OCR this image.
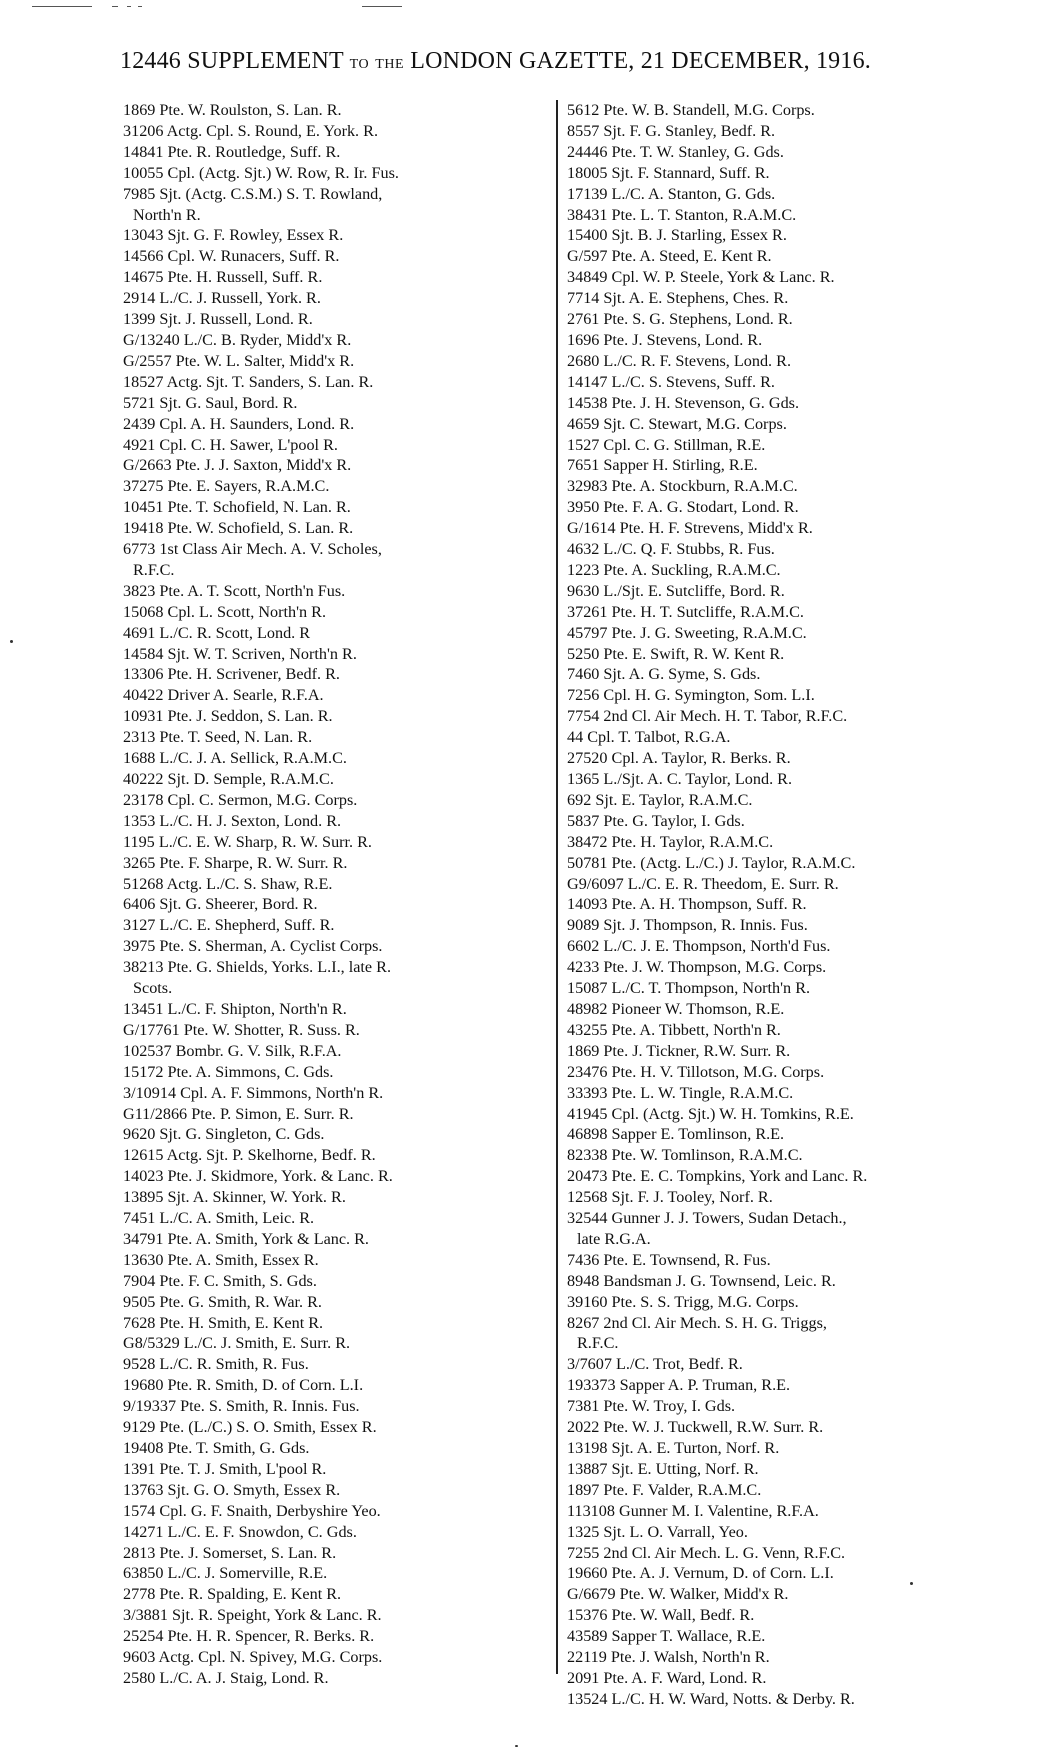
12446 SUPPLEMENT TO THE LONDON GAZETTE, 21 DECEMBER, 1916.
1869 Pte. W. Roulston, S. Lan. R.
31206 Actg. Cpl. S. Round, E. York. R.
14841 Pte. R. Routledge, Suff. R.
10055 Cpl. (Actg. Sjt.) W. Row, R. Ir. Fus.
7985 Sjt. (Actg. C.S.M.) S. T. Rowland,
North'n R.
13043 Sjt. G. F. Rowley, Essex R.
14566 Cpl. W. Runacers, Suff. R.
14675 Pte. H. Russell, Suff. R.
2914 L./C. J. Russell, York. R.
1399 Sjt. J. Russell, Lond. R.
G/13240 L./C. B. Ryder, Midd'x R.
G/2557 Pte. W. L. Salter, Midd'x R.
18527 Actg. Sjt. T. Sanders, S. Lan. R.
5721 Sjt. G. Saul, Bord. R.
2439 Cpl. A. H. Saunders, Lond. R.
4921 Cpl. C. H. Sawer, L'pool R.
G/2663 Pte. J. J. Saxton, Midd'x R.
37275 Pte. E. Sayers, R.A.M.C.
10451 Pte. T. Schofield, N. Lan. R.
19418 Pte. W. Schofield, S. Lan. R.
6773 1st Class Air Mech. A. V. Scholes,
R.F.C.
3823 Pte. A. T. Scott, North'n Fus.
15068 Cpl. L. Scott, North'n R.
4691 L./C. R. Scott, Lond. R
14584 Sjt. W. T. Scriven, North'n R.
13306 Pte. H. Scrivener, Bedf. R.
40422 Driver A. Searle, R.F.A.
10931 Pte. J. Seddon, S. Lan. R.
2313 Pte. T. Seed, N. Lan. R.
1688 L./C. J. A. Sellick, R.A.M.C.
40222 Sjt. D. Semple, R.A.M.C.
23178 Cpl. C. Sermon, M.G. Corps.
1353 L./C. H. J. Sexton, Lond. R.
1195 L./C. E. W. Sharp, R. W. Surr. R.
3265 Pte. F. Sharpe, R. W. Surr. R.
51268 Actg. L./C. S. Shaw, R.E.
6406 Sjt. G. Sheerer, Bord. R.
3127 L./C. E. Shepherd, Suff. R.
3975 Pte. S. Sherman, A. Cyclist Corps.
38213 Pte. G. Shields, Yorks. L.I., late R.
Scots.
13451 L./C. F. Shipton, North'n R.
G/17761 Pte. W. Shotter, R. Suss. R.
102537 Bombr. G. V. Silk, R.F.A.
15172 Pte. A. Simmons, C. Gds.
3/10914 Cpl. A. F. Simmons, North'n R.
G11/2866 Pte. P. Simon, E. Surr. R.
9620 Sjt. G. Singleton, C. Gds.
12615 Actg. Sjt. P. Skelhorne, Bedf. R.
14023 Pte. J. Skidmore, York. & Lanc. R.
13895 Sjt. A. Skinner, W. York. R.
7451 L./C. A. Smith, Leic. R.
34791 Pte. A. Smith, York & Lanc. R.
13630 Pte. A. Smith, Essex R.
7904 Pte. F. C. Smith, S. Gds.
9505 Pte. G. Smith, R. War. R.
7628 Pte. H. Smith, E. Kent R.
G8/5329 L./C. J. Smith, E. Surr. R.
9528 L./C. R. Smith, R. Fus.
19680 Pte. R. Smith, D. of Corn. L.I.
9/19337 Pte. S. Smith, R. Innis. Fus.
9129 Pte. (L./C.) S. O. Smith, Essex R.
19408 Pte. T. Smith, G. Gds.
1391 Pte. T. J. Smith, L'pool R.
13763 Sjt. G. O. Smyth, Essex R.
1574 Cpl. G. F. Snaith, Derbyshire Yeo.
14271 L./C. E. F. Snowdon, C. Gds.
2813 Pte. J. Somerset, S. Lan. R.
63850 L./C. J. Somerville, R.E.
2778 Pte. R. Spalding, E. Kent R.
3/3881 Sjt. R. Speight, York & Lanc. R.
25254 Pte. H. R. Spencer, R. Berks. R.
9603 Actg. Cpl. N. Spivey, M.G. Corps.
2580 L./C. A. J. Staig, Lond. R.
5612 Pte. W. B. Standell, M.G. Corps.
8557 Sjt. F. G. Stanley, Bedf. R.
24446 Pte. T. W. Stanley, G. Gds.
18005 Sjt. F. Stannard, Suff. R.
17139 L./C. A. Stanton, G. Gds.
38431 Pte. L. T. Stanton, R.A.M.C.
15400 Sjt. B. J. Starling, Essex R.
G/597 Pte. A. Steed, E. Kent R.
34849 Cpl. W. P. Steele, York & Lanc. R.
7714 Sjt. A. E. Stephens, Ches. R.
2761 Pte. S. G. Stephens, Lond. R.
1696 Pte. J. Stevens, Lond. R.
2680 L./C. R. F. Stevens, Lond. R.
14147 L./C. S. Stevens, Suff. R.
14538 Pte. J. H. Stevenson, G. Gds.
4659 Sjt. C. Stewart, M.G. Corps.
1527 Cpl. C. G. Stillman, R.E.
7651 Sapper H. Stirling, R.E.
32983 Pte. A. Stockburn, R.A.M.C.
3950 Pte. F. A. G. Stodart, Lond. R.
G/1614 Pte. H. F. Strevens, Midd'x R.
4632 L./C. Q. F. Stubbs, R. Fus.
1223 Pte. A. Suckling, R.A.M.C.
9630 L./Sjt. E. Sutcliffe, Bord. R.
37261 Pte. H. T. Sutcliffe, R.A.M.C.
45797 Pte. J. G. Sweeting, R.A.M.C.
5250 Pte. E. Swift, R. W. Kent R.
7460 Sjt. A. G. Syme, S. Gds.
7256 Cpl. H. G. Symington, Som. L.I.
7754 2nd Cl. Air Mech. H. T. Tabor, R.F.C.
44 Cpl. T. Talbot, R.G.A.
27520 Cpl. A. Taylor, R. Berks. R.
1365 L./Sjt. A. C. Taylor, Lond. R.
692 Sjt. E. Taylor, R.A.M.C.
5837 Pte. G. Taylor, I. Gds.
38472 Pte. H. Taylor, R.A.M.C.
50781 Pte. (Actg. L./C.) J. Taylor, R.A.M.C.
G9/6097 L./C. E. R. Theedom, E. Surr. R.
14093 Pte. A. H. Thompson, Suff. R.
9089 Sjt. J. Thompson, R. Innis. Fus.
6602 L./C. J. E. Thompson, North'd Fus.
4233 Pte. J. W. Thompson, M.G. Corps.
15087 L./C. T. Thompson, North'n R.
48982 Pioneer W. Thomson, R.E.
43255 Pte. A. Tibbett, North'n R.
1869 Pte. J. Tickner, R.W. Surr. R.
23476 Pte. H. V. Tillotson, M.G. Corps.
33393 Pte. L. W. Tingle, R.A.M.C.
41945 Cpl. (Actg. Sjt.) W. H. Tomkins, R.E.
46898 Sapper E. Tomlinson, R.E.
82338 Pte. W. Tomlinson, R.A.M.C.
20473 Pte. E. C. Tompkins, York and Lanc. R.
12568 Sjt. F. J. Tooley, Norf. R.
32544 Gunner J. J. Towers, Sudan Detach.,
late R.G.A.
7436 Pte. E. Townsend, R. Fus.
8948 Bandsman J. G. Townsend, Leic. R.
39160 Pte. S. S. Trigg, M.G. Corps.
8267 2nd Cl. Air Mech. S. H. G. Triggs,
R.F.C.
3/7607 L./C. Trot, Bedf. R.
193373 Sapper A. P. Truman, R.E.
7381 Pte. W. Troy, I. Gds.
2022 Pte. W. J. Tuckwell, R.W. Surr. R.
13198 Sjt. A. E. Turton, Norf. R.
13887 Sjt. E. Utting, Norf. R.
1897 Pte. F. Valder, R.A.M.C.
113108 Gunner M. I. Valentine, R.F.A.
1325 Sjt. L. O. Varrall, Yeo.
7255 2nd Cl. Air Mech. L. G. Venn, R.F.C.
19660 Pte. A. J. Vernum, D. of Corn. L.I.
G/6679 Pte. W. Walker, Midd'x R.
15376 Pte. W. Wall, Bedf. R.
43589 Sapper T. Wallace, R.E.
22119 Pte. J. Walsh, North'n R.
2091 Pte. A. F. Ward, Lond. R.
13524 L./C. H. W. Ward, Notts. & Derby. R.
